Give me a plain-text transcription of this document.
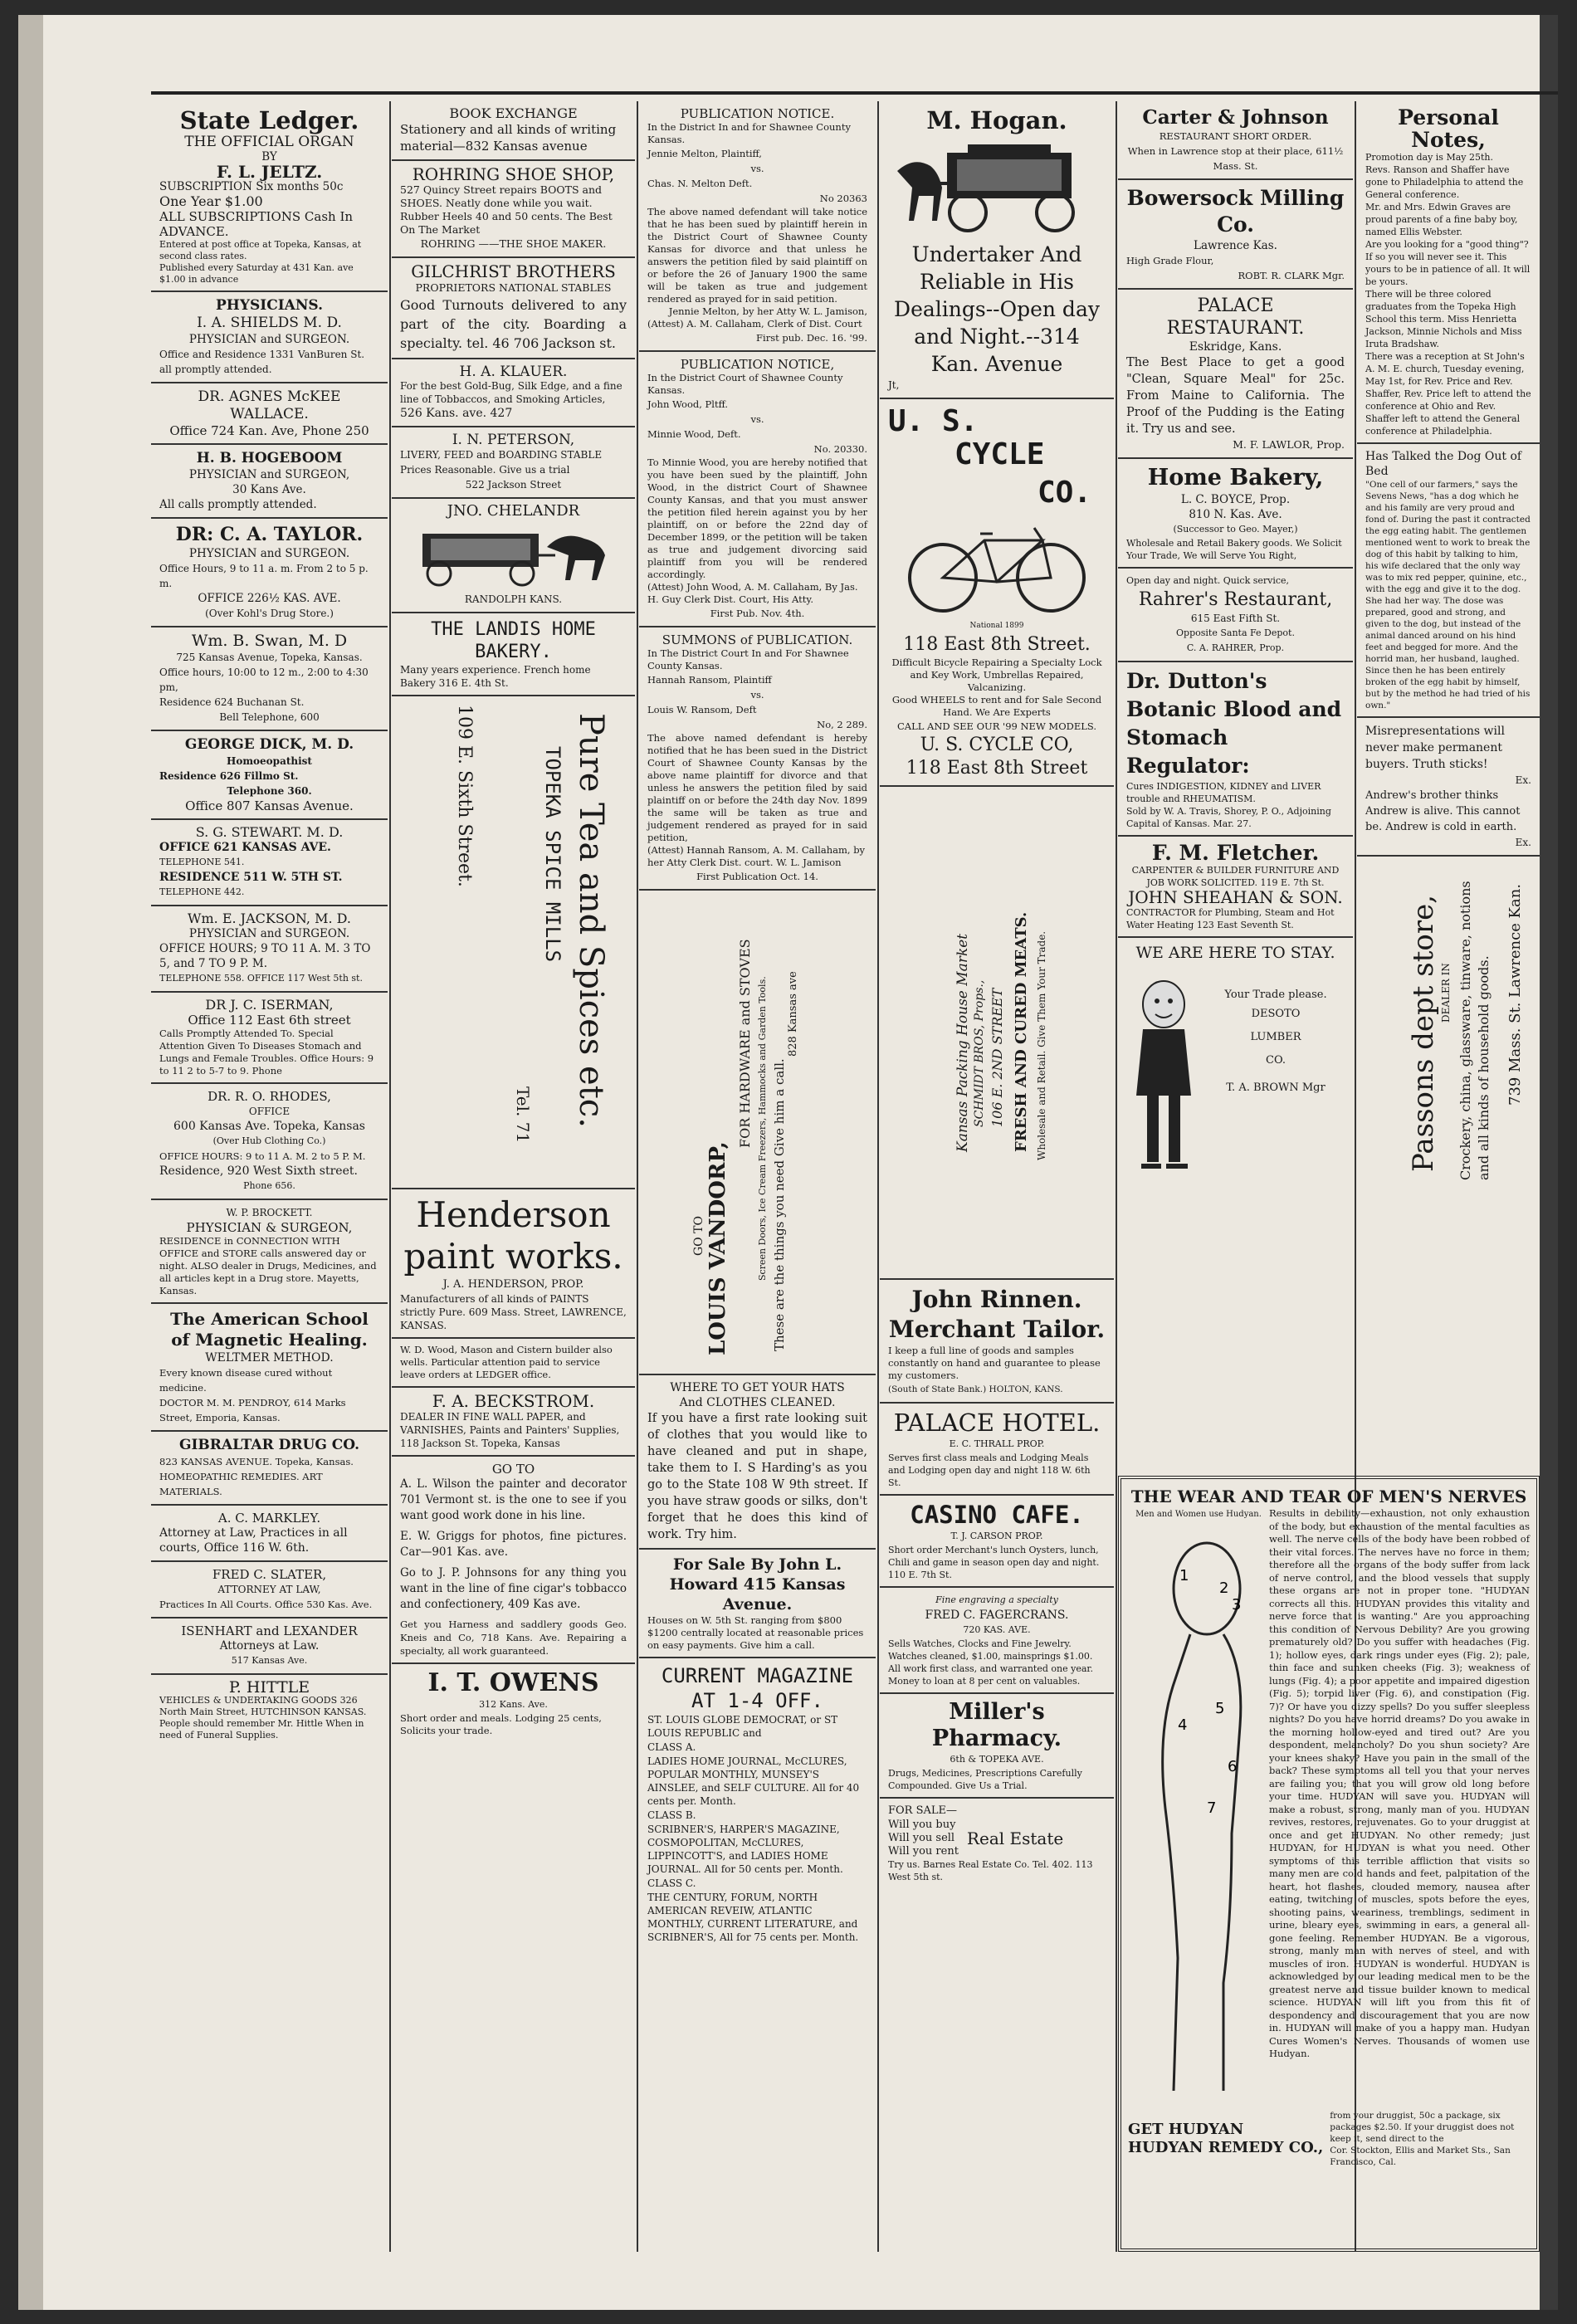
State Ledger.
THE OFFICIAL ORGAN
BY
F. L. JELTZ.
SUBSCRIPTION Six months 50c
One Year $1.00
ALL SUBSCRIPTIONS Cash In ADVANCE.
Entered at post office at Topeka, Kansas, at second class rates.
Published every Saturday at 431 Kan. ave $1.00 in advance
PHYSICIANS.
I. A. SHIELDS M. D.
PHYSICIAN and SURGEON.
Office and Residence 1331 VanBuren St. all promptly attended.
DR. AGNES McKEE WALLACE.
Office 724 Kan. Ave, Phone 250
H. B. HOGEBOOM
PHYSICIAN and SURGEON,
30 Kans Ave.
All calls promptly attended.
DR: C. A. TAYLOR.
PHYSICIAN and SURGEON.
Office Hours, 9 to 11 a. m. From 2 to 5 p. m.
OFFICE 226½ KAS. AVE.
(Over Kohl's Drug Store.)
Wm. B. Swan, M. D
725 Kansas Avenue, Topeka, Kansas.
Office hours, 10:00 to 12 m., 2:00 to 4:30 pm,
Residence 624 Buchanan St.
Bell Telephone, 600
GEORGE DICK, M. D.
Homoeopathist
Residence 626 Fillmo St.
Telephone 360.
Office 807 Kansas Avenue.
S. G. STEWART. M. D.
OFFICE 621 KANSAS AVE.
TELEPHONE 541.
RESIDENCE 511 W. 5TH ST.
TELEPHONE 442.
Wm. E. JACKSON, M. D.
PHYSICIAN and SURGEON.
OFFICE HOURS; 9 TO 11 A. M. 3 TO 5, and 7 TO 9 P. M.
TELEPHONE 558. OFFICE 117 West 5th st.
DR J. C. ISERMAN,
Office 112 East 6th street
Calls Promptly Attended To. Special Attention Given To Diseases Stomach and Lungs and Female Troubles. Office Hours: 9 to 11 2 to 5-7 to 9. Phone
DR. R. O. RHODES,
OFFICE
600 Kansas Ave. Topeka, Kansas
(Over Hub Clothing Co.)
OFFICE HOURS: 9 to 11 A. M. 2 to 5 P. M.
Residence, 920 West Sixth street.
Phone 656.
W. P. BROCKETT.
PHYSICIAN & SURGEON,
RESIDENCE in CONNECTION WITH OFFICE and STORE calls answered day or night. ALSO dealer in Drugs, Medicines, and all articles kept in a Drug store. Mayetts, Kansas.
The American School of Magnetic Healing.
WELTMER METHOD.
Every known disease cured without medicine.
DOCTOR M. M. PENDROY, 614 Marks Street, Emporia, Kansas.
GIBRALTAR DRUG CO.
823 KANSAS AVENUE. Topeka, Kansas. HOMEOPATHIC REMEDIES. ART MATERIALS.
A. C. MARKLEY.
Attorney at Law, Practices in all courts, Office 116 W. 6th.
FRED C. SLATER,
ATTORNEY AT LAW,
Practices In All Courts. Office 530 Kas. Ave.
ISENHART and LEXANDER
Attorneys at Law.
517 Kansas Ave.
P. HITTLE
VEHICLES & UNDERTAKING GOODS 326 North Main Street, HUTCHINSON KANSAS. People should remember Mr. Hittle When in need of Funeral Supplies.
BOOK EXCHANGE
Stationery and all kinds of writing material—832 Kansas avenue
ROHRING SHOE SHOP,
527 Quincy Street repairs BOOTS and SHOES. Neatly done while you wait. Rubber Heels 40 and 50 cents. The Best On The Market
ROHRING ——THE SHOE MAKER.
GILCHRIST BROTHERS
PROPRIETORS NATIONAL STABLES
Good Turnouts delivered to any part of the city. Boarding a specialty. tel. 46 706 Jackson st.
H. A. KLAUER.
For the best Gold-Bug, Silk Edge, and a fine line of Tobbaccos, and Smoking Articles,
526 Kans. ave. 427
I. N. PETERSON,
LIVERY, FEED and BOARDING STABLE
Prices Reasonable. Give us a trial
522 Jackson Street
JNO. CHELANDR
RANDOLPH KANS.
THE LANDIS HOME BAKERY.
Many years experience. French home Bakery 316 E. 4th St.
Pure Tea and Spices etc.
TOPEKA SPICE MILLS
109 E. Sixth Street.
Tel. 71
Henderson paint works.
J. A. HENDERSON, PROP.
Manufacturers of all kinds of PAINTS strictly Pure. 609 Mass. Street, LAWRENCE, KANSAS.
W. D. Wood, Mason and Cistern builder also wells. Particular attention paid to service leave orders at LEDGER office.
F. A. BECKSTROM.
DEALER IN FINE WALL PAPER, and VARNISHES, Paints and Painters' Supplies, 118 Jackson St. Topeka, Kansas
GO TO
A. L. Wilson the painter and decorator 701 Vermont st. is the one to see if you want good work done in his line.
E. W. Griggs for photos, fine pictures. Car—901 Kas. ave.
Go to J. P. Johnsons for any thing you want in the line of fine cigar's tobbacco and confectionery, 409 Kas ave.
Get you Harness and saddlery goods Geo. Kneis and Co, 718 Kans. Ave. Repairing a specialty, all work guaranteed.
I. T. OWENS
312 Kans. Ave.
Short order and meals. Lodging 25 cents, Solicits your trade.
PUBLICATION NOTICE.
In the District In and for Shawnee County Kansas.
Jennie Melton, Plaintiff,
vs.
Chas. N. Melton Deft.
No 20363
The above named defendant will take notice that he has been sued by plaintiff herein in the District Court of Shawnee County Kansas for divorce and that unless he answers the petition filed by said plaintiff on or before the 26 of January 1900 the same will be taken as true and judgement rendered as prayed for in said petition.
Jennie Melton, by her Atty W. L. Jamison,
(Attest) A. M. Callaham, Clerk of Dist. Court
First pub. Dec. 16. '99.
PUBLICATION NOTICE,
In the District Court of Shawnee County Kansas.
John Wood, Pltff.
vs.
Minnie Wood, Deft.
No. 20330.
To Minnie Wood, you are hereby notified that you have been sued by the plaintiff, John Wood, in the district Court of Shawnee County Kansas, and that you must answer the petition filed herein against you by her plaintiff, on or before the 22nd day of December 1899, or the petition will be taken as true and judgement divorcing said plaintiff from you will be rendered accordingly.
(Attest) John Wood, A. M. Callaham, By Jas. H. Guy Clerk Dist. Court, His Atty.
First Pub. Nov. 4th.
SUMMONS of PUBLICATION.
In The District Court In and For Shawnee County Kansas.
Hannah Ransom, Plaintiff
vs.
Louis W. Ransom, Deft
No, 2 289.
The above named defendant is hereby notified that he has been sued in the District Court of Shawnee County Kansas by the above name plaintiff for divorce and that unless he answers the petition filed by said plaintiff on or before the 24th day Nov. 1899 the same will be taken as true and judgement rendered as prayed for in said petition,
(Attest) Hannah Ransom, A. M. Callaham, by her Atty Clerk Dist. court. W. L. Jamison
First Publication Oct. 14.
GO TO LOUIS VANDORP,
FOR HARDWARE and STOVES Screen Doors, Ice Cream Freezers, Hammocks and Garden Tools. These are the things you need Give him a call.
828 Kansas ave
WHERE TO GET YOUR HATS
And CLOTHES CLEANED.
If you have a first rate looking suit of clothes that you would like to have cleaned and put in shape, take them to I. S Harding's as you go to the State 108 W 9th street. If you have straw goods or silks, don't forget that he does this kind of work. Try him.
For Sale By John L. Howard 415 Kansas Avenue.
Houses on W. 5th St. ranging from $800 $1200 centrally located at reasonable prices on easy payments. Give him a call.
CURRENT MAGAZINE AT 1-4 OFF.
ST. LOUIS GLOBE DEMOCRAT, or ST LOUIS REPUBLIC and
CLASS A.
LADIES HOME JOURNAL, McCLURES, POPULAR MONTHLY, MUNSEY'S AINSLEE, and SELF CULTURE. All for 40 cents per. Month.
CLASS B.
SCRIBNER'S, HARPER'S MAGAZINE, COSMOPOLITAN, McCLURES, LIPPINCOTT'S, and LADIES HOME JOURNAL. All for 50 cents per. Month.
CLASS C.
THE CENTURY, FORUM, NORTH AMERICAN REVEIW, ATLANTIC MONTHLY, CURRENT LITERATURE, and SCRIBNER'S, All for 75 cents per. Month.
M. Hogan.
Undertaker And Reliable in His Dealings--Open day and Night.--314 Kan. Avenue
Jt,
U. S.
CYCLE
CO.
National 1899
118 East 8th Street.
Difficult Bicycle Repairing a Specialty Lock and Key Work, Umbrellas Repaired, Valcanizing.
Good WHEELS to rent and for Sale Second Hand. We Are Experts
CALL AND SEE OUR '99 NEW MODELS.
U. S. CYCLE CO,
118 East 8th Street
Kansas Packing House Market SCHMIDT BROS, Props., 106 E. 2ND STREET FRESH AND CURED MEATS. Wholesale and Retail. Give Them Your Trade.
John Rinnen. Merchant Tailor.
I keep a full line of goods and samples constantly on hand and guarantee to please my customers.
(South of State Bank.) HOLTON, KANS.
PALACE HOTEL.
E. C. THRALL PROP.
Serves first class meals and Lodging Meals and Lodging open day and night 118 W. 6th St.
CASINO CAFE.
T. J. CARSON PROP.
Short order Merchant's lunch Oysters, lunch, Chili and game in season open day and night. 110 E. 7th St.
Fine engraving a specialty
FRED C. FAGERCRANS.
720 KAS. AVE.
Sells Watches, Clocks and Fine Jewelry. Watches cleaned, $1.00, mainsprings $1.00. All work first class, and warranted one year. Money to loan at 8 per cent on valuables.
Miller's Pharmacy.
6th & TOPEKA AVE.
Drugs, Medicines, Prescriptions Carefully Compounded. Give Us a Trial.
FOR SALE—
Will you buy
Will you sell
Will you rent
Real Estate
Try us. Barnes Real Estate Co. Tel. 402. 113 West 5th st.
Carter & Johnson
RESTAURANT SHORT ORDER.
When in Lawrence stop at their place, 611½ Mass. St.
Bowersock Milling Co.
Lawrence Kas.
High Grade Flour,
ROBT. R. CLARK Mgr.
PALACE RESTAURANT.
Eskridge, Kans.
The Best Place to get a good "Clean, Square Meal" for 25c. From Maine to California. The Proof of the Pudding is the Eating it. Try us and see.
M. F. LAWLOR, Prop.
Home Bakery,
L. C. BOYCE, Prop.
810 N. Kas. Ave.
(Successor to Geo. Mayer,)
Wholesale and Retail Bakery goods. We Solicit Your Trade, We will Serve You Right,
Open day and night. Quick service,
Rahrer's Restaurant,
615 East Fifth St.
Opposite Santa Fe Depot.
C. A. RAHRER, Prop.
Dr. Dutton's Botanic Blood and Stomach Regulator:
Cures INDIGESTION, KIDNEY and LIVER trouble and RHEUMATISM.
Sold by W. A. Travis, Shorey, P. O., Adjoining Capital of Kansas. Mar. 27.
F. M. Fletcher.
CARPENTER & BUILDER FURNITURE AND JOB WORK SOLICITED. 119 E. 7th St.
JOHN SHEAHAN & SON.
CONTRACTOR for Plumbing, Steam and Hot Water Heating 123 East Seventh St.
WE ARE HERE TO STAY.
Your Trade please.
DESOTO
LUMBER
CO.
T. A. BROWN Mgr
Personal Notes,
Promotion day is May 25th.
Revs. Ranson and Shaffer have gone to Philadelphia to attend the General conference.
Mr. and Mrs. Edwin Graves are proud parents of a fine baby boy, named Ellis Webster.
Are you looking for a "good thing"? If so you will never see it. This yours to be in patience of all. It will be yours.
There will be three colored graduates from the Topeka High School this term. Miss Henrietta Jackson, Minnie Nichols and Miss Iruta Bradshaw.
There was a reception at St John's A. M. E. church, Tuesday evening, May 1st, for Rev. Price and Rev. Shaffer, Rev. Price left to attend the conference at Ohio and Rev. Shaffer left to attend the General conference at Philadelphia.
Has Talked the Dog Out of Bed
"One cell of our farmers," says the Sevens News, "has a dog which he and his family are very proud and fond of. During the past it contracted the egg eating habit. The gentlemen mentioned went to work to break the dog of this habit by talking to him, his wife declared that the only way was to mix red pepper, quinine, etc., with the egg and give it to the dog. She had her way. The dose was prepared, good and strong, and given to the dog, but instead of the animal danced around on his hind feet and begged for more. And the horrid man, her husband, laughed. Since then he has been entirely broken of the egg habit by himself, but by the method he had tried of his own."
Misrepresentations will never make permanent buyers. Truth sticks!
Ex.
Andrew's brother thinks Andrew is alive. This cannot be. Andrew is cold in earth.
Ex.
Passons dept store, DEALER IN Crockery, china, glassware, tinware, notions and all kinds of household goods. 739 Mass. St. Lawrence Kan.
THE WEAR AND TEAR OF MEN'S NERVES
Men and Women use Hudyan.
1
2
3
4
5
6
7
Results in debility—exhaustion, not only exhaustion of the body, but exhaustion of the mental faculties as well. The nerve cells of the body have been robbed of their vital forces. The nerves have no force in them; therefore all the organs of the body suffer from lack of nerve control, and the blood vessels that supply these organs are not in proper tone. "HUDYAN corrects all this. HUDYAN provides this vitality and nerve force that is wanting." Are you approaching this condition of Nervous Debility? Are you growing prematurely old? Do you suffer with headaches (Fig. 1); hollow eyes, dark rings under eyes (Fig. 2); pale, thin face and sunken cheeks (Fig. 3); weakness of lungs (Fig. 4); a poor appetite and impaired digestion (Fig. 5); torpid liver (Fig. 6), and constipation (Fig. 7)? Or have you dizzy spells? Do you suffer sleepless nights? Do you have horrid dreams? Do you awake in the morning hollow-eyed and tired out? Are you despondent, melancholy? Do you shun society? Are your knees shaky? Have you pain in the small of the back? These symptoms all tell you that your nerves are failing you; that you will grow old long before your time. HUDYAN will save you. HUDYAN will make a robust, strong, manly man of you. HUDYAN revives, restores, rejuvenates. Go to your druggist at once and get HUDYAN. No other remedy; just HUDYAN, for HUDYAN is what you need. Other symptoms of this terrible affliction that visits so many men are cold hands and feet, palpitation of the heart, hot flashes, clouded memory, nausea after eating, twitching of muscles, spots before the eyes, shooting pains, weariness, tremblings, sediment in urine, bleary eyes, swimming in ears, a general all-gone feeling. Remember HUDYAN. Be a vigorous, strong, manly man with nerves of steel, and with muscles of iron. HUDYAN is wonderful. HUDYAN is acknowledged by our leading medical men to be the greatest nerve and tissue builder known to medical science. HUDYAN will lift you from this fit of despondency and discouragement that you are now in. HUDYAN will make of you a happy man. Hudyan Cures Women's Nerves. Thousands of women use Hudyan.
GET HUDYAN
HUDYAN REMEDY CO.,
from your druggist, 50c a package, six packages $2.50. If your druggist does not keep it, send direct to the
Cor. Stockton, Ellis and Market Sts., San Francisco, Cal.
